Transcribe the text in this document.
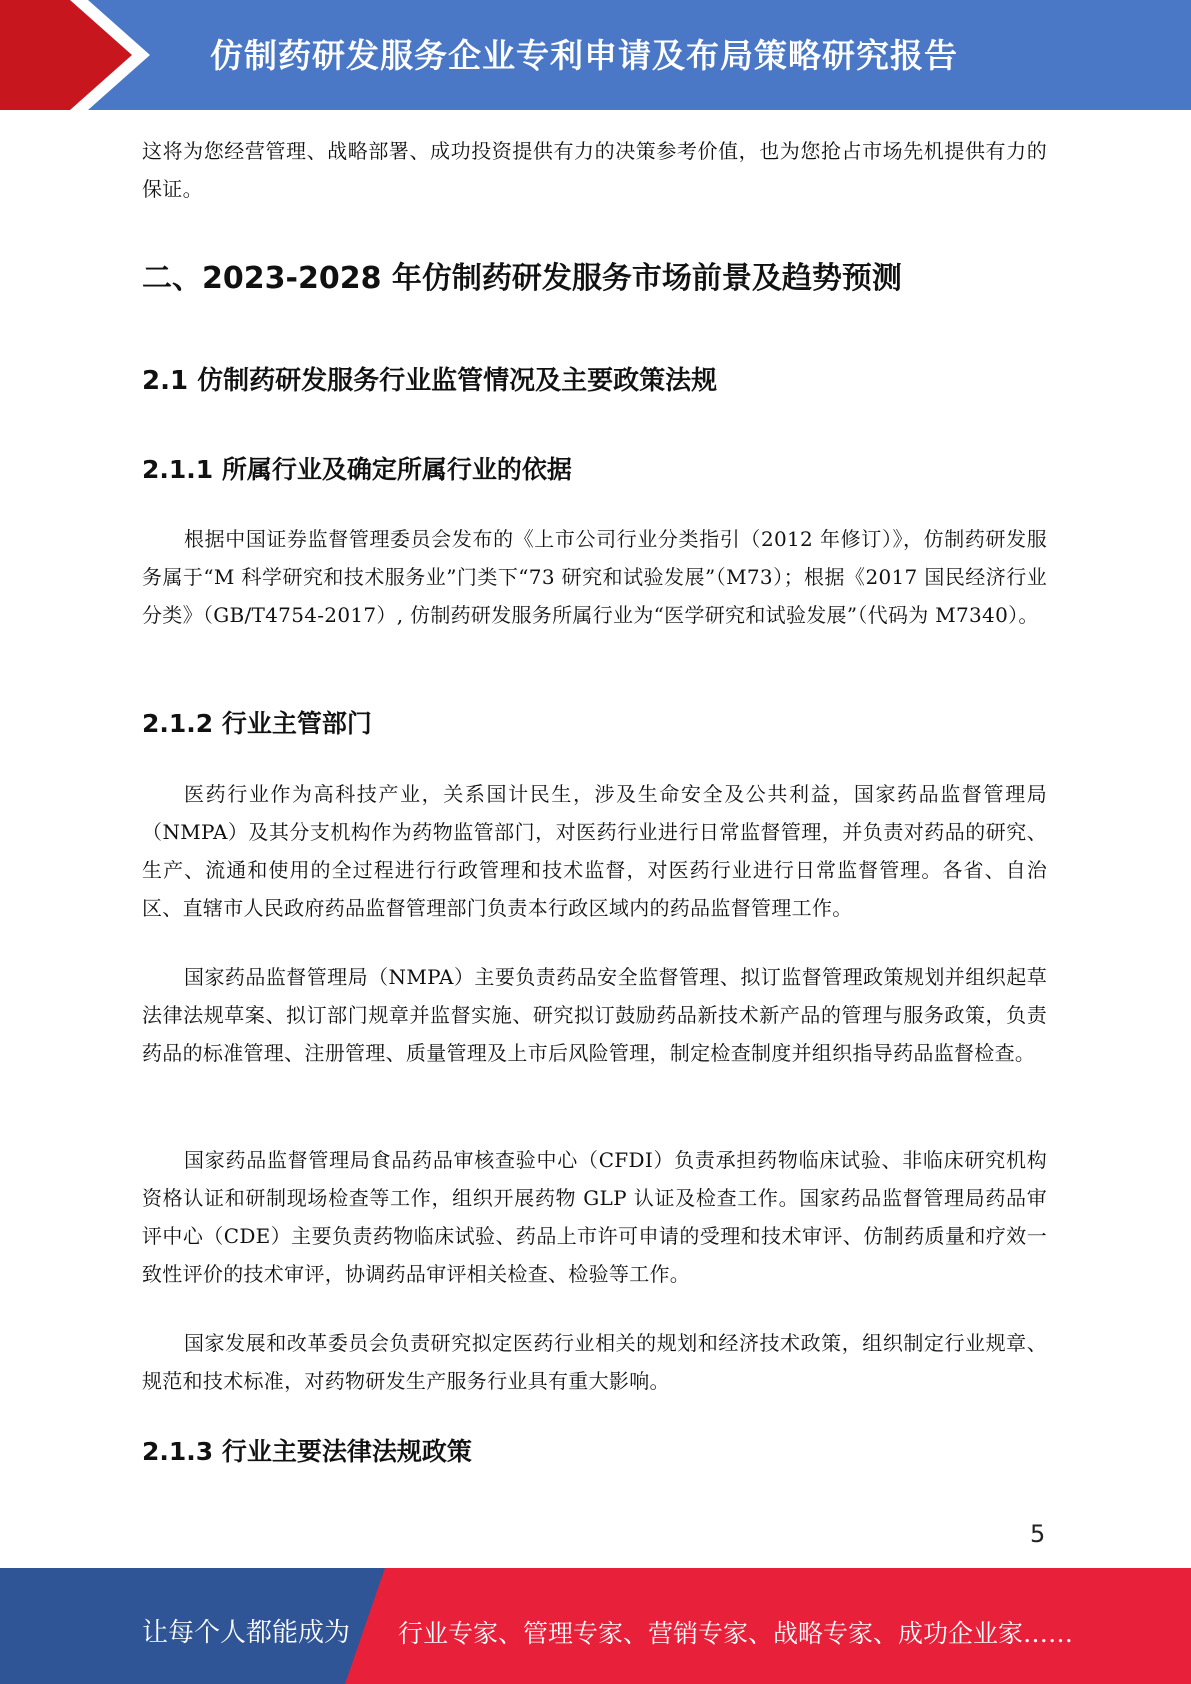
仿制药研发服务企业专利申请及布局策略研究报告

这将为您经营管理、战略部署、成功投资提供有力的决策参考价值，也为您抢占市场先机提供有力的保证。

二、2023-2028 年仿制药研发服务市场前景及趋势预测
2.1 仿制药研发服务行业监管情况及主要政策法规
2.1.1 所属行业及确定所属行业的依据

根据中国证券监督管理委员会发布的《上市公司行业分类指引（2012 年修订）》，仿制药研发服务属于“M 科学研究和技术服务业”门类下“73 研究和试验发展”（M73）；根据《2017 国民经济行业分类》（GB/T4754-2017）, 仿制药研发服务所属行业为“医学研究和试验发展”（代码为 M7340）。

2.1.2 行业主管部门

医药行业作为高科技产业，关系国计民生，涉及生命安全及公共利益，国家药品监督管理局（NMPA）及其分支机构作为药物监管部门，对医药行业进行日常监督管理，并负责对药品的研究、生产、流通和使用的全过程进行行政管理和技术监督，对医药行业进行日常监督管理。各省、自治区、直辖市人民政府药品监督管理部门负责本行政区域内的药品监督管理工作。

国家药品监督管理局（NMPA）主要负责药品安全监督管理、拟订监督管理政策规划并组织起草法律法规草案、拟订部门规章并监督实施、研究拟订鼓励药品新技术新产品的管理与服务政策，负责药品的标准管理、注册管理、质量管理及上市后风险管理，制定检查制度并组织指导药品监督检查。

国家药品监督管理局食品药品审核查验中心（CFDI）负责承担药物临床试验、非临床研究机构资格认证和研制现场检查等工作，组织开展药物 GLP 认证及检查工作。国家药品监督管理局药品审评中心（CDE）主要负责药物临床试验、药品上市许可申请的受理和技术审评、仿制药质量和疗效一致性评价的技术审评，协调药品审评相关检查、检验等工作。

国家发展和改革委员会负责研究拟定医药行业相关的规划和经济技术政策，组织制定行业规章、规范和技术标准，对药物研发生产服务行业具有重大影响。

2.1.3 行业主要法律法规政策
5
让每个人都能成为 行业专家、管理专家、营销专家、战略专家、成功企业家……
